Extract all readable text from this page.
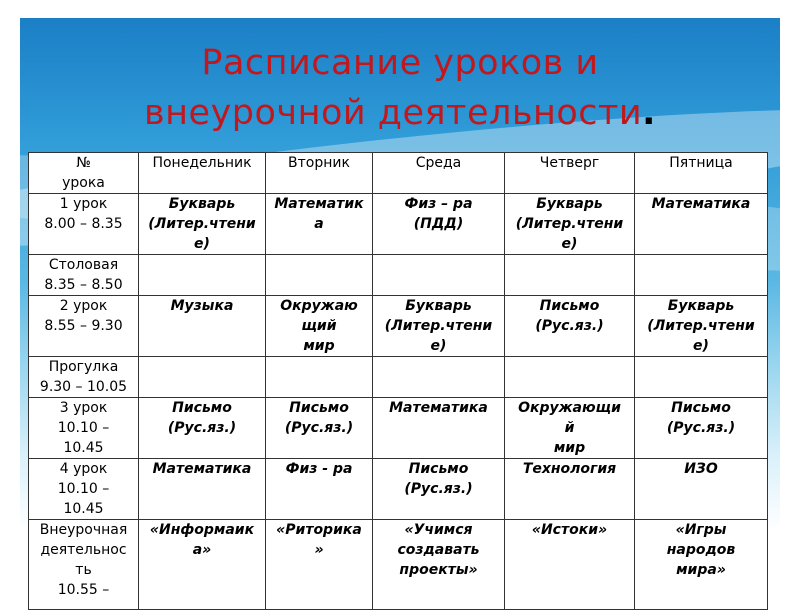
Расписание уроков и
внеурочной деятельности.
№
урока	Понедельник	Вторник	Среда	Четверг	Пятница

1 урок
8.00 – 8.35	Букварь
(Литер.чтени
е)	Математик
а	Физ – ра
(ПДД)	Букварь
(Литер.чтени
е)	Математика

Столовая
8.35 – 8.50					

2 урок
8.55 – 9.30	Музыка	Окружаю
щий
мир	Букварь
(Литер.чтени
е)	Письмо
(Рус.яз.)	Букварь
(Литер.чтени
е)

Прогулка
9.30 – 10.05					

3 урок
10.10 –
10.45	Письмо
(Рус.яз.)	Письмо
(Рус.яз.)	Математика	Окружающи
й
мир	Письмо
(Рус.яз.)

4 урок
10.10 –
10.45	Математика	Физ - ра	Письмо
(Рус.яз.)	Технология	ИЗО

Внеурочная
деятельнос
ть
10.55 –	«Информаик
а»	«Риторика
»	«Учимся
создавать
проекты»	«Истоки»	«Игры
народов
мира»
